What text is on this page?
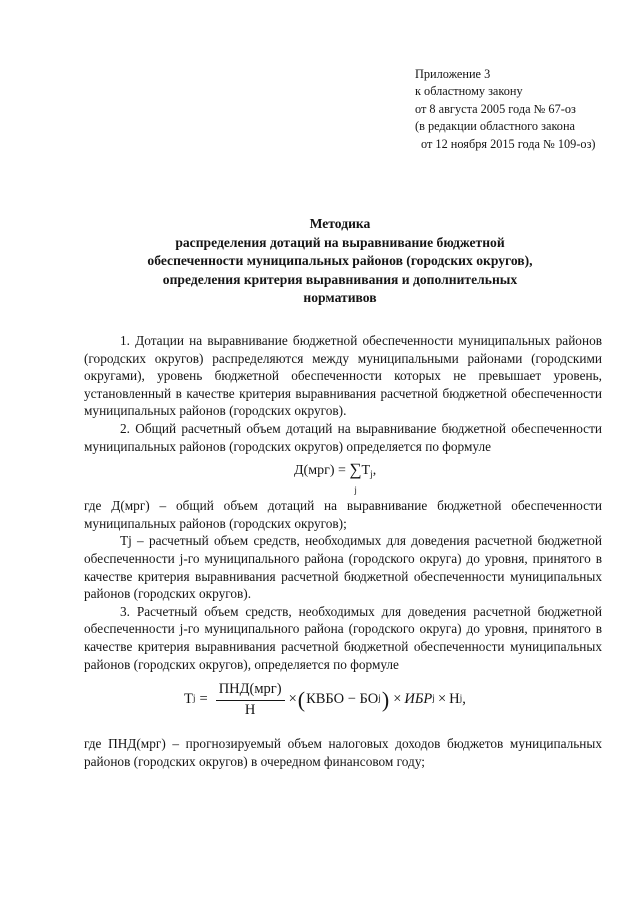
Приложение 3
к областному закону
от 8 августа 2005 года № 67-оз
(в редакции областного закона
от 12 ноября 2015 года № 109-оз)
Методика
распределения дотаций на выравнивание бюджетной
обеспеченности муниципальных районов (городских округов),
определения критерия выравнивания и дополнительных
нормативов

1. Дотации на выравнивание бюджетной обеспеченности муниципальных районов (городских округов) распределяются между муниципальными районами (городскими округами), уровень бюджетной обеспеченности которых не превышает уровень, установленный в качестве критерия выравнивания расчетной бюджетной обеспеченности муниципальных районов (городских округов).

2. Общий расчетный объем дотаций на выравнивание бюджетной обеспеченности муниципальных районов (городских округов) определяется по формуле

Д(мрг) = ∑
j
$T_j$,

где Д(мрг) – общий объем дотаций на выравнивание бюджетной обеспеченности муниципальных районов (городских округов);

Tj – расчетный объем средств, необходимых для доведения расчетной бюджетной обеспеченности j-го муниципального района (городского округа) до уровня, принятого в качестве критерия выравнивания расчетной бюджетной обеспеченности муниципальных районов (городских округов).

3. Расчетный объем средств, необходимых для доведения расчетной бюджетной обеспеченности j-го муниципального района (городского округа) до уровня, принятого в качестве критерия выравнивания расчетной бюджетной обеспеченности муниципальных районов (городских округов), определяется по формуле

T $j = \frac{\text{ПНД(мрг)}}{Н}$ × ( КВБО − БО j ) × ИБР j × Н j ,

где ПНД(мрг) – прогнозируемый объем налоговых доходов бюджетов муниципальных районов (городских округов) в очередном финансовом году;
